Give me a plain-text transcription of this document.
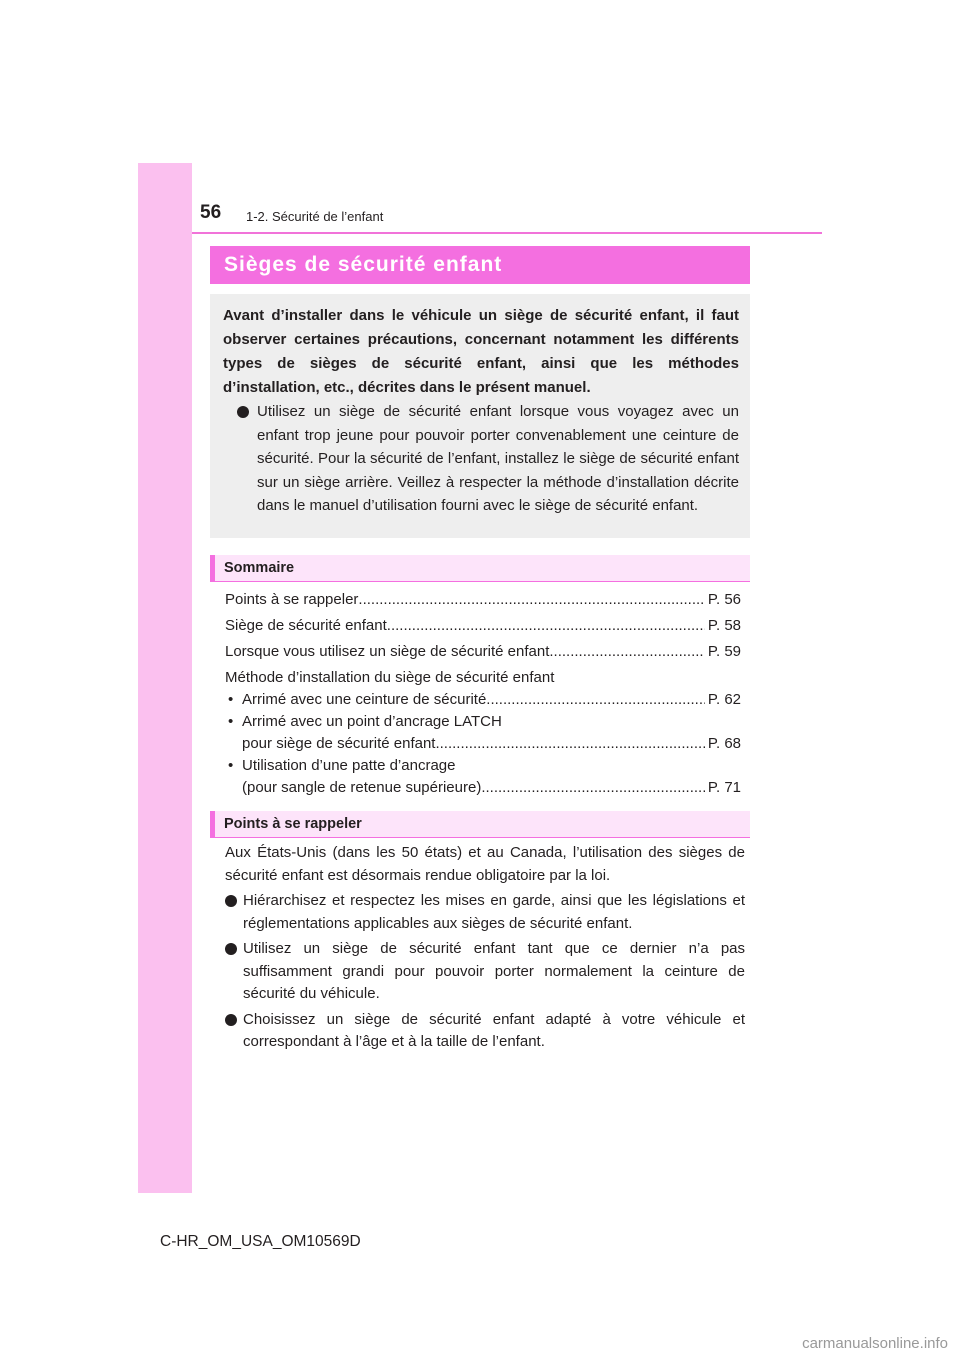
56 1-2. Sécurité de l’enfant
Sièges de sécurité enfant
Avant d’installer dans le véhicule un siège de sécurité enfant, il faut observer certaines précautions, concernant notamment les différents types de sièges de sécurité enfant, ainsi que les méthodes d’installation, etc., décrites dans le présent manuel.
Utilisez un siège de sécurité enfant lorsque vous voyagez avec un enfant trop jeune pour pouvoir porter convenablement une ceinture de sécurité. Pour la sécurité de l’enfant, installez le siège de sécurité enfant sur un siège arrière. Veillez à respecter la méthode d’installation décrite dans le manuel d’utilisation fourni avec le siège de sécurité enfant.
Sommaire
Points à se rappeler .....	P. 56
Siège de sécurité enfant .....	P. 58
Lorsque vous utilisez un siège de sécurité enfant .....	P. 59
Méthode d’installation du siège de sécurité enfant
• Arrimé avec une ceinture de sécurité .....	P. 62
• Arrimé avec un point d’ancrage LATCH
pour siège de sécurité enfant .....	P. 68
• Utilisation d’une patte d’ancrage
(pour sangle de retenue supérieure) .....	P. 71
Points à se rappeler
Aux États-Unis (dans les 50 états) et au Canada, l’utilisation des sièges de sécurité enfant est désormais rendue obligatoire par la loi.
Hiérarchisez et respectez les mises en garde, ainsi que les législations et réglementations applicables aux sièges de sécurité enfant.
Utilisez un siège de sécurité enfant tant que ce dernier n’a pas suffisamment grandi pour pouvoir porter normalement la ceinture de sécurité du véhicule.
Choisissez un siège de sécurité enfant adapté à votre véhicule et correspondant à l’âge et à la taille de l’enfant.
C-HR_OM_USA_OM10569D
carmanualsonline.info
